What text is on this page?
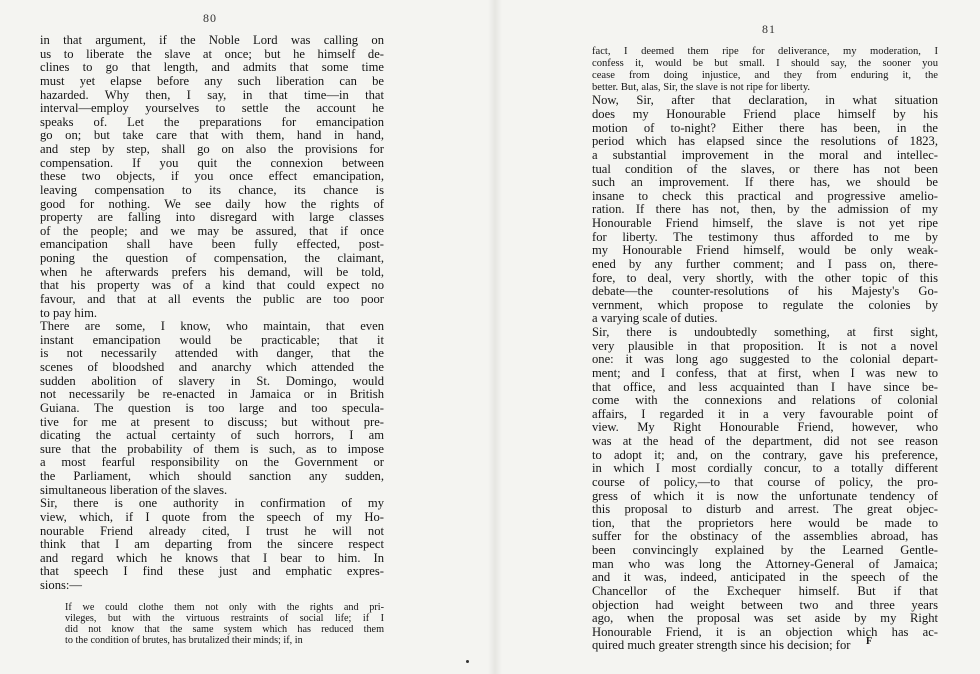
80
in that argument, if the Noble Lord was calling on
us to liberate the slave at once; but he himself de-
clines to go that length, and admits that some time
must yet elapse before any such liberation can be
hazarded. Why then, I say, in that time—in that
interval—employ yourselves to settle the account he
speaks of. Let the preparations for emancipation
go on; but take care that with them, hand in hand,
and step by step, shall go on also the provisions for
compensation. If you quit the connexion between
these two objects, if you once effect emancipation,
leaving compensation to its chance, its chance is
good for nothing. We see daily how the rights of
property are falling into disregard with large classes
of the people; and we may be assured, that if once
emancipation shall have been fully effected, post-
poning the question of compensation, the claimant,
when he afterwards prefers his demand, will be told,
that his property was of a kind that could expect no
favour, and that at all events the public are too poor
to pay him.
There are some, I know, who maintain, that even
instant emancipation would be practicable; that it
is not necessarily attended with danger, that the
scenes of bloodshed and anarchy which attended the
sudden abolition of slavery in St. Domingo, would
not necessarily be re-enacted in Jamaica or in British
Guiana. The question is too large and too specula-
tive for me at present to discuss; but without pre-
dicating the actual certainty of such horrors, I am
sure that the probability of them is such, as to impose
a most fearful responsibility on the Government or
the Parliament, which should sanction any sudden,
simultaneous liberation of the slaves.
Sir, there is one authority in confirmation of my
view, which, if I quote from the speech of my Ho-
nourable Friend already cited, I trust he will not
think that I am departing from the sincere respect
and regard which he knows that I bear to him. In
that speech I find these just and emphatic expres-
sions:—
If we could clothe them not only with the rights and pri-
vileges, but with the virtuous restraints of social life; if I
did not know that the same system which has reduced them
to the condition of brutes, has brutalized their minds; if, in
81
fact, I deemed them ripe for deliverance, my moderation, I
confess it, would be but small. I should say, the sooner you
cease from doing injustice, and they from enduring it, the
better. But, alas, Sir, the slave is not ripe for liberty.
Now, Sir, after that declaration, in what situation
does my Honourable Friend place himself by his
motion of to-night? Either there has been, in the
period which has elapsed since the resolutions of 1823,
a substantial improvement in the moral and intellec-
tual condition of the slaves, or there has not been
such an improvement. If there has, we should be
insane to check this practical and progressive amelio-
ration. If there has not, then, by the admission of my
Honourable Friend himself, the slave is not yet ripe
for liberty. The testimony thus afforded to me by
my Honourable Friend himself, would be only weak-
ened by any further comment; and I pass on, there-
fore, to deal, very shortly, with the other topic of this
debate—the counter-resolutions of his Majesty's Go-
vernment, which propose to regulate the colonies by
a varying scale of duties.
Sir, there is undoubtedly something, at first sight,
very plausible in that proposition. It is not a novel
one: it was long ago suggested to the colonial depart-
ment; and I confess, that at first, when I was new to
that office, and less acquainted than I have since be-
come with the connexions and relations of colonial
affairs, I regarded it in a very favourable point of
view. My Right Honourable Friend, however, who
was at the head of the department, did not see reason
to adopt it; and, on the contrary, gave his preference,
in which I most cordially concur, to a totally different
course of policy,—to that course of policy, the pro-
gress of which it is now the unfortunate tendency of
this proposal to disturb and arrest. The great objec-
tion, that the proprietors here would be made to
suffer for the obstinacy of the assemblies abroad, has
been convincingly explained by the Learned Gentle-
man who was long the Attorney-General of Jamaica;
and it was, indeed, anticipated in the speech of the
Chancellor of the Exchequer himself. But if that
objection had weight between two and three years
ago, when the proposal was set aside by my Right
Honourable Friend, it is an objection which has ac-
quired much greater strength since his decision; for	F
